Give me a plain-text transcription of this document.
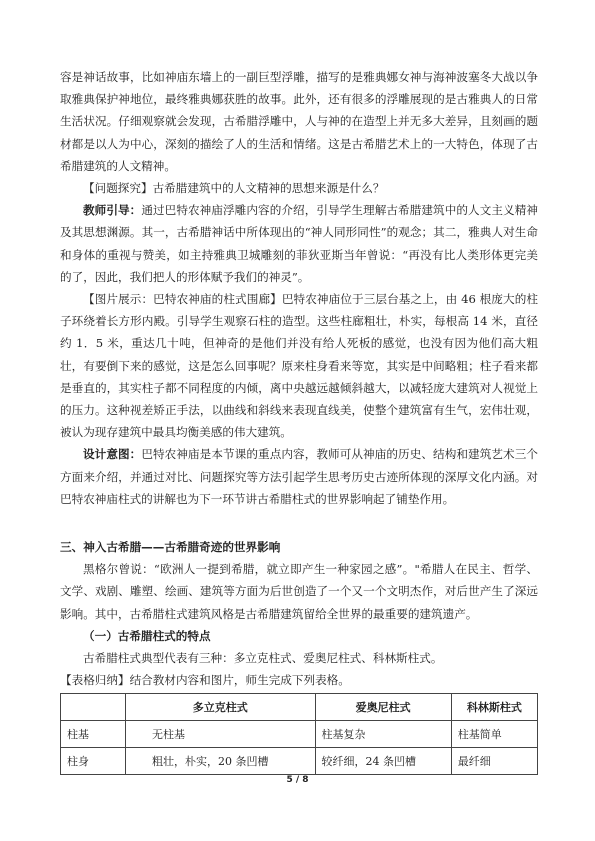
容是神话故事，比如神庙东墙上的一副巨型浮雕，描写的是雅典娜女神与海神波塞冬大战以争取雅典保护神地位，最终雅典娜获胜的故事。此外，还有很多的浮雕展现的是古雅典人的日常生活状况。仔细观察就会发现，古希腊浮雕中，人与神的在造型上并无多大差异，且刻画的题材都是以人为中心，深刻的描绘了人的生活和情绪。这是古希腊艺术上的一大特色，体现了古希腊建筑的人文精神。

【问题探究】古希腊建筑中的人文精神的思想来源是什么？

教师引导：通过巴特农神庙浮雕内容的介绍，引导学生理解古希腊建筑中的人文主义精神及其思想渊源。其一，古希腊神话中所体现出的“神人同形同性”的观念；其二，雅典人对生命和身体的重视与赞美，如主持雅典卫城雕刻的菲狄亚斯当年曾说：“再没有比人类形体更完美的了，因此，我们把人的形体赋予我们的神灵”。

【图片展示：巴特农神庙的柱式围廊】巴特农神庙位于三层台基之上，由 46 根庞大的柱子环绕着长方形内殿。引导学生观察石柱的造型。这些柱廊粗壮，朴实，每根高 14 米，直径约 1．5 米，重达几十吨，但神奇的是他们并没有给人死板的感觉，也没有因为他们高大粗壮，有要倒下来的感觉，这是怎么回事呢？原来柱身看来等宽，其实是中间略粗；柱子看来都是垂直的，其实柱子都不同程度的内倾，离中央越远越倾斜越大，以减轻庞大建筑对人视觉上的压力。这种视差矫正手法，以曲线和斜线来表现直线美，使整个建筑富有生气，宏伟壮观，被认为现存建筑中最具均衡美感的伟大建筑。

设计意图：巴特农神庙是本节课的重点内容，教师可从神庙的历史、结构和建筑艺术三个方面来介绍，并通过对比、问题探究等方法引起学生思考历史古迹所体现的深厚文化内涵。对巴特农神庙柱式的讲解也为下一环节讲古希腊柱式的世界影响起了铺垫作用。

三、神入古希腊——古希腊奇迹的世界影响

黑格尔曾说：“欧洲人一提到希腊，就立即产生一种家园之感”。"希腊人在民主、哲学、文学、戏剧、雕塑、绘画、建筑等方面为后世创造了一个又一个文明杰作，对后世产生了深远影响。其中，古希腊柱式建筑风格是古希腊建筑留给全世界的最重要的建筑遗产。

（一）古希腊柱式的特点

古希腊柱式典型代表有三种：多立克柱式、爱奥尼柱式、科林斯柱式。

【表格归纳】结合教材内容和图片，师生完成下列表格。

	多立克柱式	爱奥尼柱式	科林斯柱式
柱基	无柱基	柱基复杂	柱基简单
柱身	粗壮，朴实，20 条凹槽	较纤细，24 条凹槽	最纤细
5 / 8
